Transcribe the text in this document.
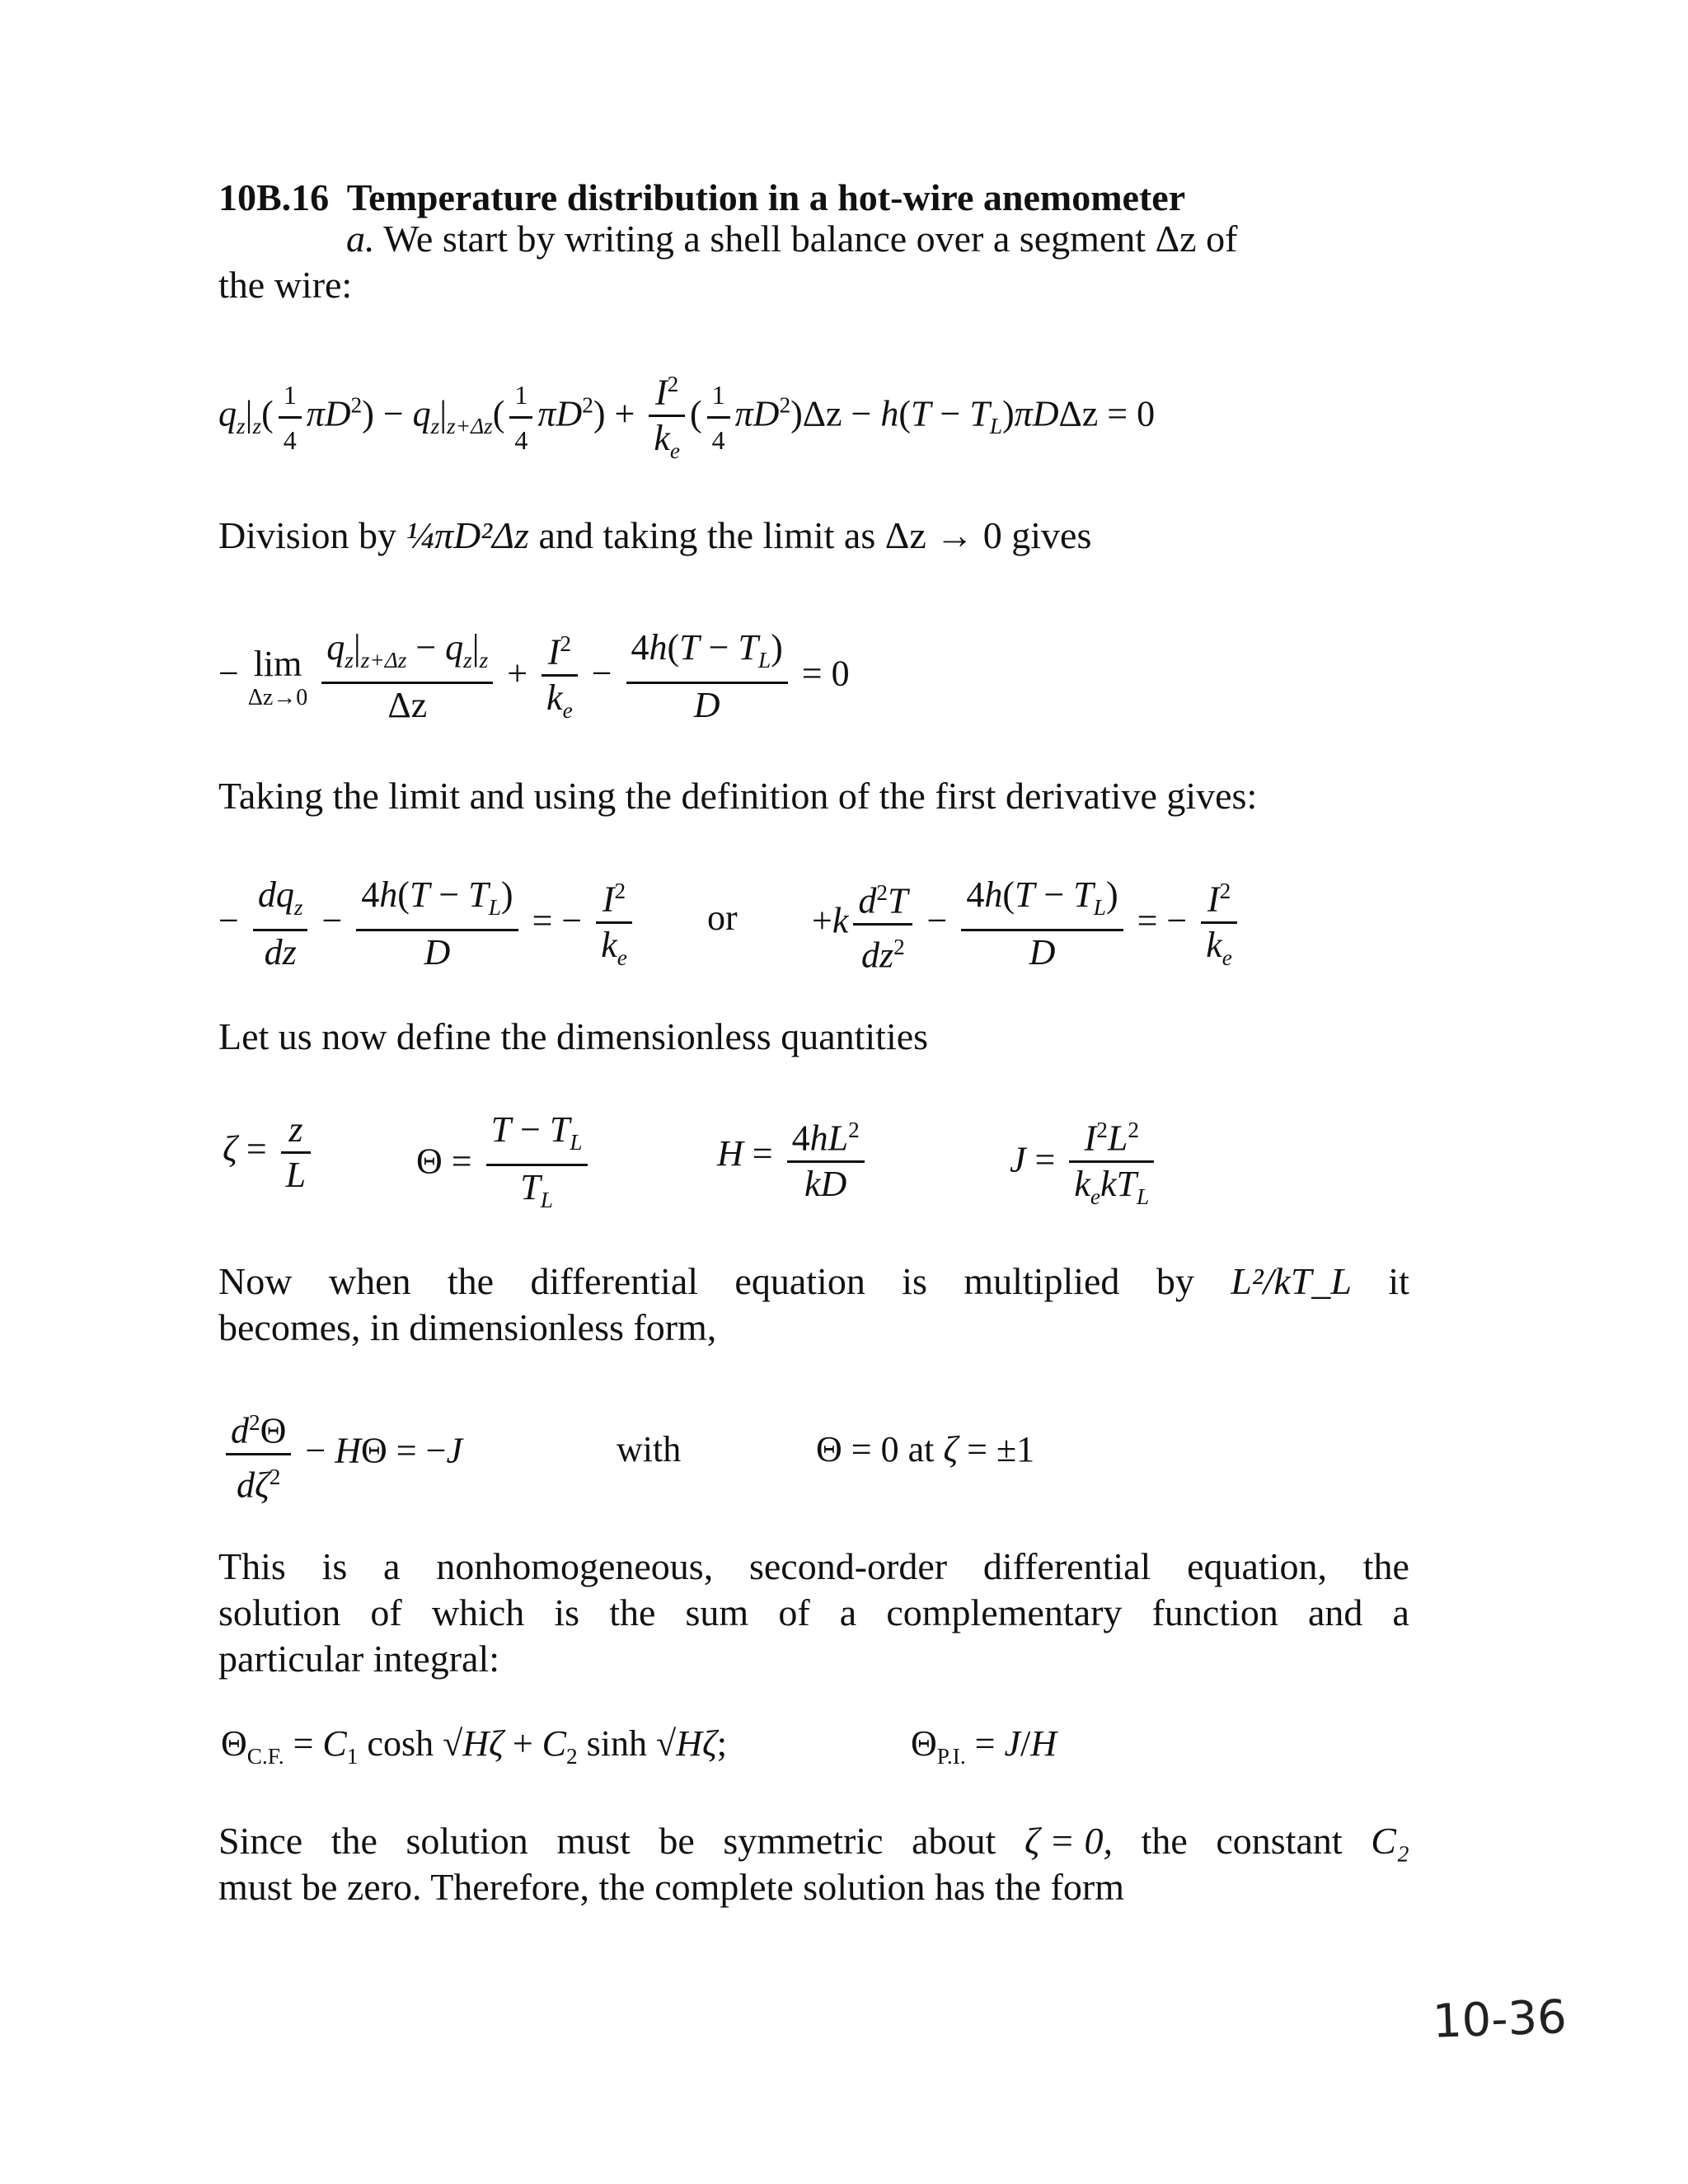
10B.16 Temperature distribution in a hot-wire anemometer
a. We start by writing a shell balance over a segment Δz of
the wire:
$q_z|_z( \frac{1}{4} \pi D^2) - q_z|_{z+\Delta z}( \frac{1}{4} \pi D^2) + \frac{I^2}{k_e}$ ( $\frac{1}{4} \pi D^2)\Delta z - h(T - T_L)\pi D\Delta z = 0$
Division by ¼πD²Δz and taking the limit as Δz → 0 gives
− lim
Δz→0
$\frac{q_z|_{z+\Delta z} - q_z|_z}{\Delta z} + \frac{I^2}{k_e} - \frac{4h(T - T_L)}{D} = 0$
Taking the limit and using the definition of the first derivative gives:
− $\frac{dq_z}{dz} - \frac{4h(T - T_L)}{D}$ = − $\frac{I^2}{k_e}$ or $+k \frac{d^2T}{dz^2} - \frac{4h(T - T_L)}{D}$ = − $\frac{I^2}{k_e}$
Let us now define the dimensionless quantities
$\zeta = \frac{z}{L}$	$\Theta = \frac{T - T_L}{T_L}$	$H = \frac{4hL^2}{kD}$	$J = \frac{I^2L^2}{k_ekT_L}$
Now when the differential equation is multiplied by L²/kT_L it
becomes, in dimensionless form,
$\frac{d^2\Theta}{d\zeta^2} - H\Theta = -J$	with	Θ = 0 at ζ = ±1
This is a nonhomogeneous, second-order differential equation, the
solution of which is the sum of a complementary function and a
particular integral:
$\Theta_{C.F.} = C_1$ $\cosh √H\zeta + C_2$ sinh √Hζ;	$\Theta_{P.I.} = J/H$
Since the solution must be symmetric about ζ = 0, the constant C₂
must be zero. Therefore, the complete solution has the form
10-36
